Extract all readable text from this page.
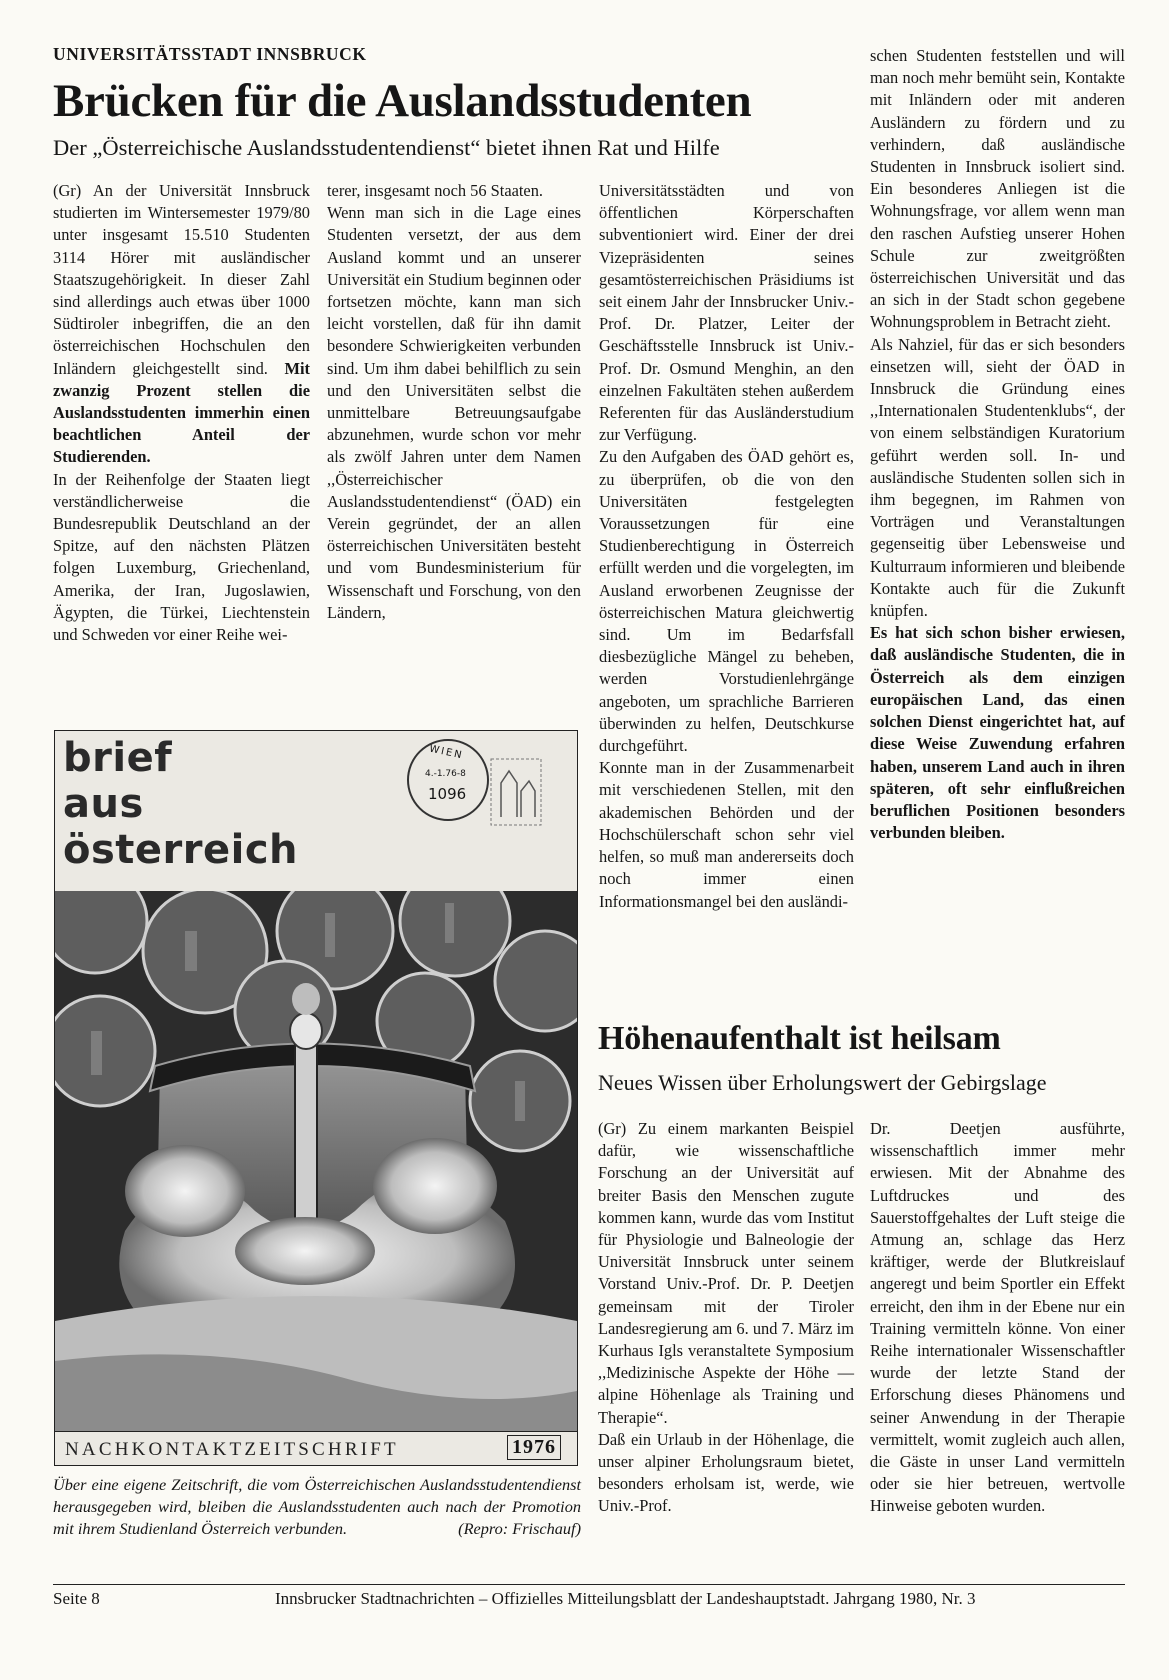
UNIVERSITÄTSSTADT INNSBRUCK
Brücken für die Auslandsstudenten
Der „Österreichische Auslandsstudentendienst“ bietet ihnen Rat und Hilfe

(Gr) An der Universität Innsbruck studierten im Wintersemester 1979/80 unter insgesamt 15.510 Studenten 3114 Hörer mit ausländischer Staatszugehörigkeit. In dieser Zahl sind allerdings auch etwas über 1000 Südtiroler inbegriffen, die an den österreichischen Hochschulen den Inländern gleichgestellt sind. Mit zwanzig Prozent stellen die Auslandsstudenten immerhin einen beachtlichen Anteil der Studierenden.

In der Reihenfolge der Staaten liegt verständlicherweise die Bundesrepublik Deutschland an der Spitze, auf den nächsten Plätzen folgen Luxemburg, Griechenland, Amerika, der Iran, Jugoslawien, Ägypten, die Türkei, Liechtenstein und Schweden vor einer Reihe wei-

terer, insgesamt noch 56 Staaten.

Wenn man sich in die Lage eines Studenten versetzt, der aus dem Ausland kommt und an unserer Universität ein Studium beginnen oder fortsetzen möchte, kann man sich leicht vorstellen, daß für ihn damit besondere Schwierigkeiten verbunden sind. Um ihm dabei behilflich zu sein und den Universitäten selbst die unmittelbare Betreuungsaufgabe abzunehmen, wurde schon vor mehr als zwölf Jahren unter dem Namen ,,Österreichischer Auslandsstudentendienst“ (ÖAD) ein Verein gegründet, der an allen österreichischen Universitäten besteht und vom Bundesministerium für Wissenschaft und Forschung, von den Ländern,

Universitätsstädten und von öffentlichen Körperschaften subventioniert wird. Einer der drei Vizepräsidenten seines gesamtösterreichischen Präsidiums ist seit einem Jahr der Innsbrucker Univ.-Prof. Dr. Platzer, Leiter der Geschäftsstelle Innsbruck ist Univ.-Prof. Dr. Osmund Menghin, an den einzelnen Fakultäten stehen außerdem Referenten für das Ausländerstudium zur Verfügung.

Zu den Aufgaben des ÖAD gehört es, zu überprüfen, ob die von den Universitäten festgelegten Voraussetzungen für eine Studienberechtigung in Österreich erfüllt werden und die vorgelegten, im Ausland erworbenen Zeugnisse der österreichischen Matura gleichwertig sind. Um im Bedarfsfall diesbezügliche Mängel zu beheben, werden Vorstudienlehrgänge angeboten, um sprachliche Barrieren überwinden zu helfen, Deutschkurse durchgeführt.

Konnte man in der Zusammenarbeit mit verschiedenen Stellen, mit den akademischen Behörden und der Hochschülerschaft schon sehr viel helfen, so muß man andererseits doch noch immer einen Informationsmangel bei den ausländi-

schen Studenten feststellen und will man noch mehr bemüht sein, Kontakte mit Inländern oder mit anderen Ausländern zu fördern und zu verhindern, daß ausländische Studenten in Innsbruck isoliert sind. Ein besonderes Anliegen ist die Wohnungsfrage, vor allem wenn man den raschen Aufstieg unserer Hohen Schule zur zweitgrößten österreichischen Universität und das an sich in der Stadt schon gegebene Wohnungsproblem in Betracht zieht.

Als Nahziel, für das er sich besonders einsetzen will, sieht der ÖAD in Innsbruck die Gründung eines ,,Internationalen Studentenklubs“, der von einem selbständigen Kuratorium geführt werden soll. In- und ausländische Studenten sollen sich in ihm begegnen, im Rahmen von Vorträgen und Veranstaltungen gegenseitig über Lebensweise und Kulturraum informieren und bleibende Kontakte auch für die Zukunft knüpfen.

Es hat sich schon bisher erwiesen, daß ausländische Studenten, die in Österreich als dem einzigen europäischen Land, das einen solchen Dienst eingerichtet hat, auf diese Weise Zuwendung erfahren haben, unserem Land auch in ihren späteren, oft sehr einflußreichen beruflichen Positionen besonders verbunden bleiben.

brief
aus
österreich
WIEN
4.-1.76-8
1096
NACHKONTAKTZEITSCHRIFT	1976
Über eine eigene Zeitschrift, die vom Österreichischen Auslandsstudentendienst herausgegeben wird, bleiben die Auslandsstudenten auch nach der Promotion mit ihrem Studienland Österreich verbunden.	(Repro: Frischauf)
Höhenaufenthalt ist heilsam
Neues Wissen über Erholungswert der Gebirgslage

(Gr) Zu einem markanten Beispiel dafür, wie wissenschaftliche Forschung an der Universität auf breiter Basis den Menschen zugute kommen kann, wurde das vom Institut für Physiologie und Balneologie der Universität Innsbruck unter seinem Vorstand Univ.-Prof. Dr. P. Deetjen gemeinsam mit der Tiroler Landesregierung am 6. und 7. März im Kurhaus Igls veranstaltete Symposium ,,Medizinische Aspekte der Höhe — alpine Höhenlage als Training und Therapie“.

Daß ein Urlaub in der Höhenlage, die unser alpiner Erholungsraum bietet, besonders erholsam ist, werde, wie Univ.-Prof.

Dr. Deetjen ausführte, wissenschaftlich immer mehr erwiesen. Mit der Abnahme des Luftdruckes und des Sauerstoffgehaltes der Luft steige die Atmung an, schlage das Herz kräftiger, werde der Blutkreislauf angeregt und beim Sportler ein Effekt erreicht, den ihm in der Ebene nur ein Training vermitteln könne. Von einer Reihe internationaler Wissenschaftler wurde der letzte Stand der Erforschung dieses Phänomens und seiner Anwendung in der Therapie vermittelt, womit zugleich auch allen, die Gäste in unser Land vermitteln oder sie hier betreuen, wertvolle Hinweise geboten wurden.

Seite 8	Innsbrucker Stadtnachrichten – Offizielles Mitteilungsblatt der Landeshauptstadt. Jahrgang 1980, Nr. 3
